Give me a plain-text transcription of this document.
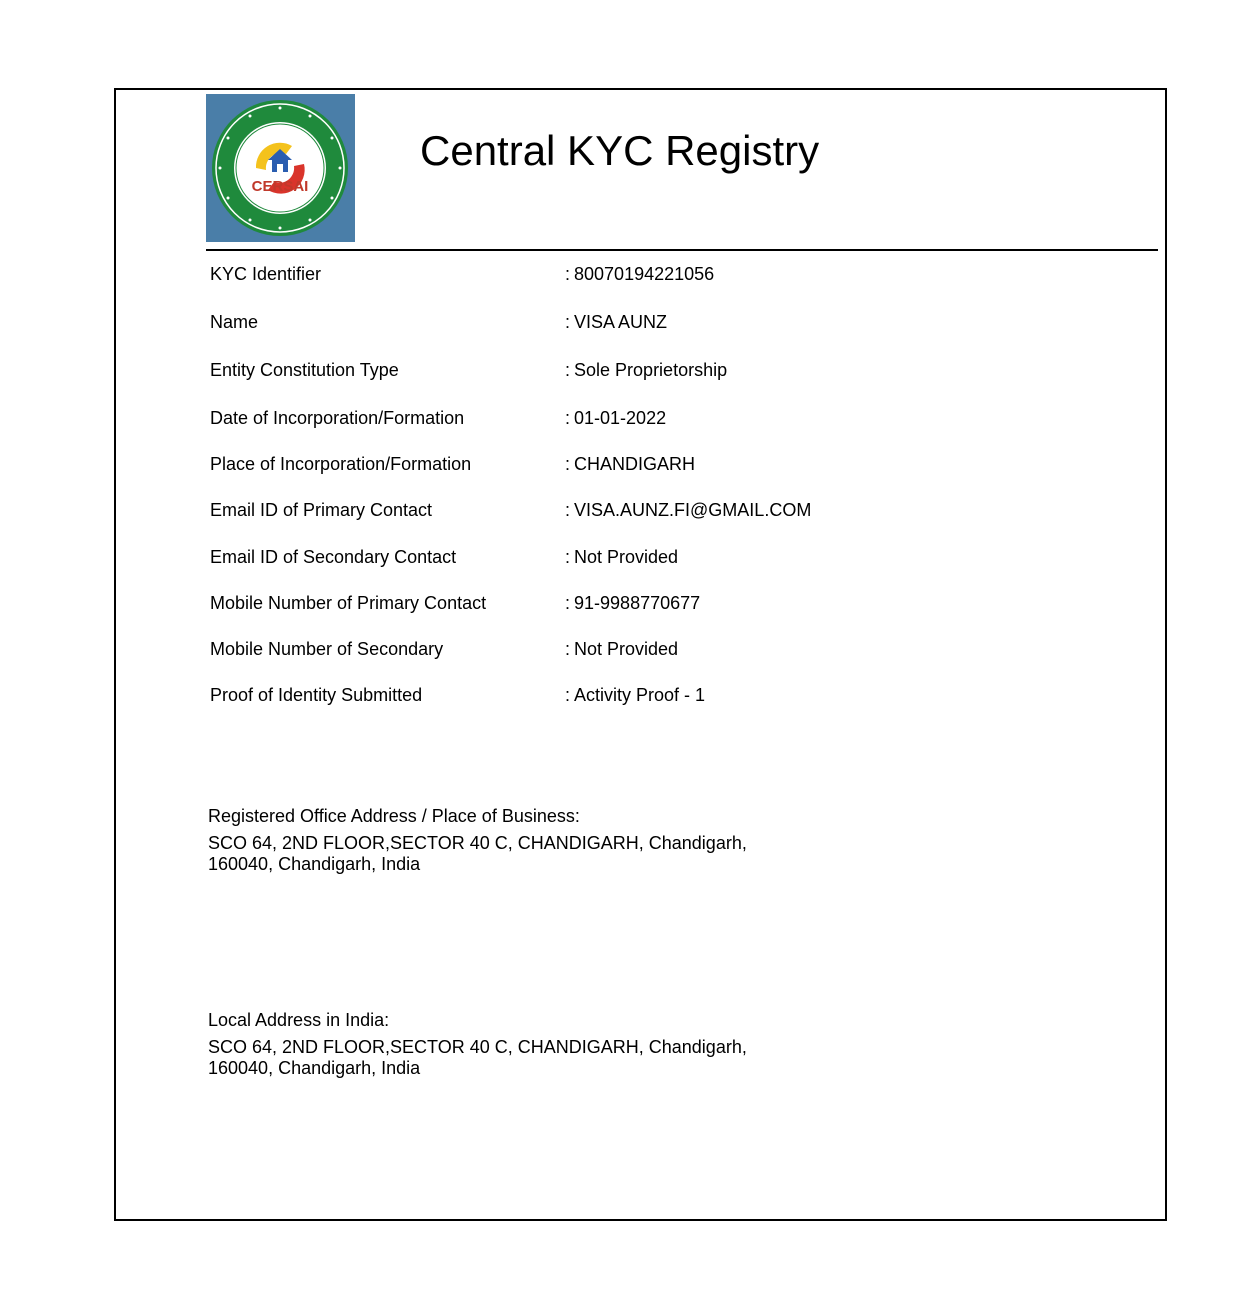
CERSAI
Central KYC Registry
KYC Identifier	: 80070194221056
Name	: VISA AUNZ
Entity Constitution Type	: Sole Proprietorship
Date of Incorporation/Formation	: 01-01-2022
Place of Incorporation/Formation	: CHANDIGARH
Email ID of Primary Contact	: VISA.AUNZ.FI@GMAIL.COM
Email ID of Secondary Contact	: Not Provided
Mobile Number of Primary Contact	: 91-9988770677
Mobile Number of Secondary	: Not Provided
Proof of Identity Submitted	: Activity Proof - 1

Registered Office Address / Place of Business:

SCO 64, 2ND FLOOR,SECTOR 40 C, CHANDIGARH, Chandigarh,

160040, Chandigarh, India

Local Address in India:

SCO 64, 2ND FLOOR,SECTOR 40 C, CHANDIGARH, Chandigarh,

160040, Chandigarh, India
